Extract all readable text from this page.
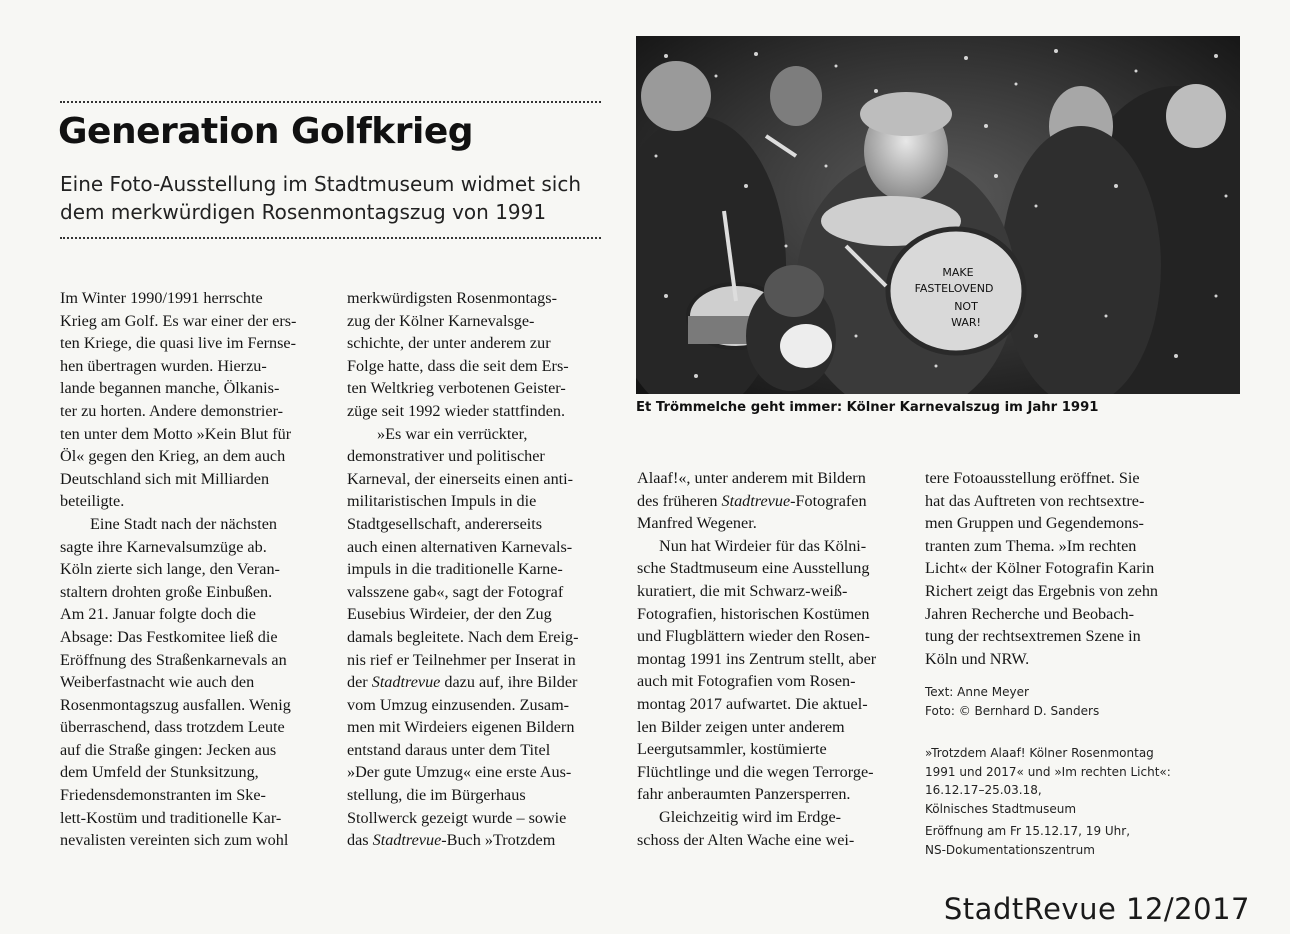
Generation Golfkrieg

Eine Foto-Ausstellung im Stadtmuseum widmet sich
dem merkwürdigen Rosenmontagszug von 1991

Im Winter 1990/1991 herrschte
Krieg am Golf. Es war einer der ers-
ten Kriege, die quasi live im Fernse-
hen übertragen wurden. Hierzu-
lande begannen manche, Ölkanis-
ter zu horten. Andere demonstrier-
ten unter dem Motto »Kein Blut für
Öl« gegen den Krieg, an dem auch
Deutschland sich mit Milliarden
beteiligte.
Eine Stadt nach der nächsten
sagte ihre Karnevalsumzüge ab.
Köln zierte sich lange, den Veran-
staltern drohten große Einbußen.
Am 21. Januar folgte doch die
Absage: Das Festkomitee ließ die
Eröffnung des Straßenkarnevals an
Weiberfastnacht wie auch den
Rosenmontagszug ausfallen. Wenig
überraschend, dass trotzdem Leute
auf die Straße gingen: Jecken aus
dem Umfeld der Stunksitzung,
Friedensdemonstranten im Ske-
lett-Kostüm und traditionelle Kar-
nevalisten vereinten sich zum wohl

merkwürdigsten Rosenmontags-
zug der Kölner Karnevalsge-
schichte, der unter anderem zur
Folge hatte, dass die seit dem Ers-
ten Weltkrieg verbotenen Geister-
züge seit 1992 wieder stattfinden.
»Es war ein verrückter,
demonstrativer und politischer
Karneval, der einerseits einen anti-
militaristischen Impuls in die
Stadtgesellschaft, andererseits
auch einen alternativen Karnevals-
impuls in die traditionelle Karne-
valsszene gab«, sagt der Fotograf
Eusebius Wirdeier, der den Zug
damals begleitete. Nach dem Ereig-
nis rief er Teilnehmer per Inserat in
der Stadtrevue dazu auf, ihre Bilder
vom Umzug einzusenden. Zusam-
men mit Wirdeiers eigenen Bildern
entstand daraus unter dem Titel
»Der gute Umzug« eine erste Aus-
stellung, die im Bürgerhaus
Stollwerck gezeigt wurde – sowie
das Stadtrevue-Buch »Trotzdem

MAKE
FASTELOVEND
NOT
WAR!

Et Trömmelche geht immer: Kölner Karnevalszug im Jahr 1991

Alaaf!«, unter anderem mit Bildern
des früheren Stadtrevue-Fotografen
Manfred Wegener.
Nun hat Wirdeier für das Kölni-
sche Stadtmuseum eine Ausstellung
kuratiert, die mit Schwarz-weiß-
Fotografien, historischen Kostümen
und Flugblättern wieder den Rosen-
montag 1991 ins Zentrum stellt, aber
auch mit Fotografien vom Rosen-
montag 2017 aufwartet. Die aktuel-
len Bilder zeigen unter anderem
Leergutsammler, kostümierte
Flüchtlinge und die wegen Terrorge-
fahr anberaumten Panzersperren.
Gleichzeitig wird im Erdge-
schoss der Alten Wache eine wei-

tere Fotoausstellung eröffnet. Sie
hat das Auftreten von rechtsextre-
men Gruppen und Gegendemons-
tranten zum Thema. »Im rechten
Licht« der Kölner Fotografin Karin
Richert zeigt das Ergebnis von zehn
Jahren Recherche und Beobach-
tung der rechtsextremen Szene in
Köln und NRW.

Text: Anne Meyer
Foto: © Bernhard D. Sanders

»Trotzdem Alaaf! Kölner Rosenmontag
1991 und 2017« und »Im rechten Licht«:
16.12.17–25.03.18,
Kölnisches Stadtmuseum
Eröffnung am Fr 15.12.17, 19 Uhr,
NS-Dokumentationszentrum

StadtRevue 12/2017
